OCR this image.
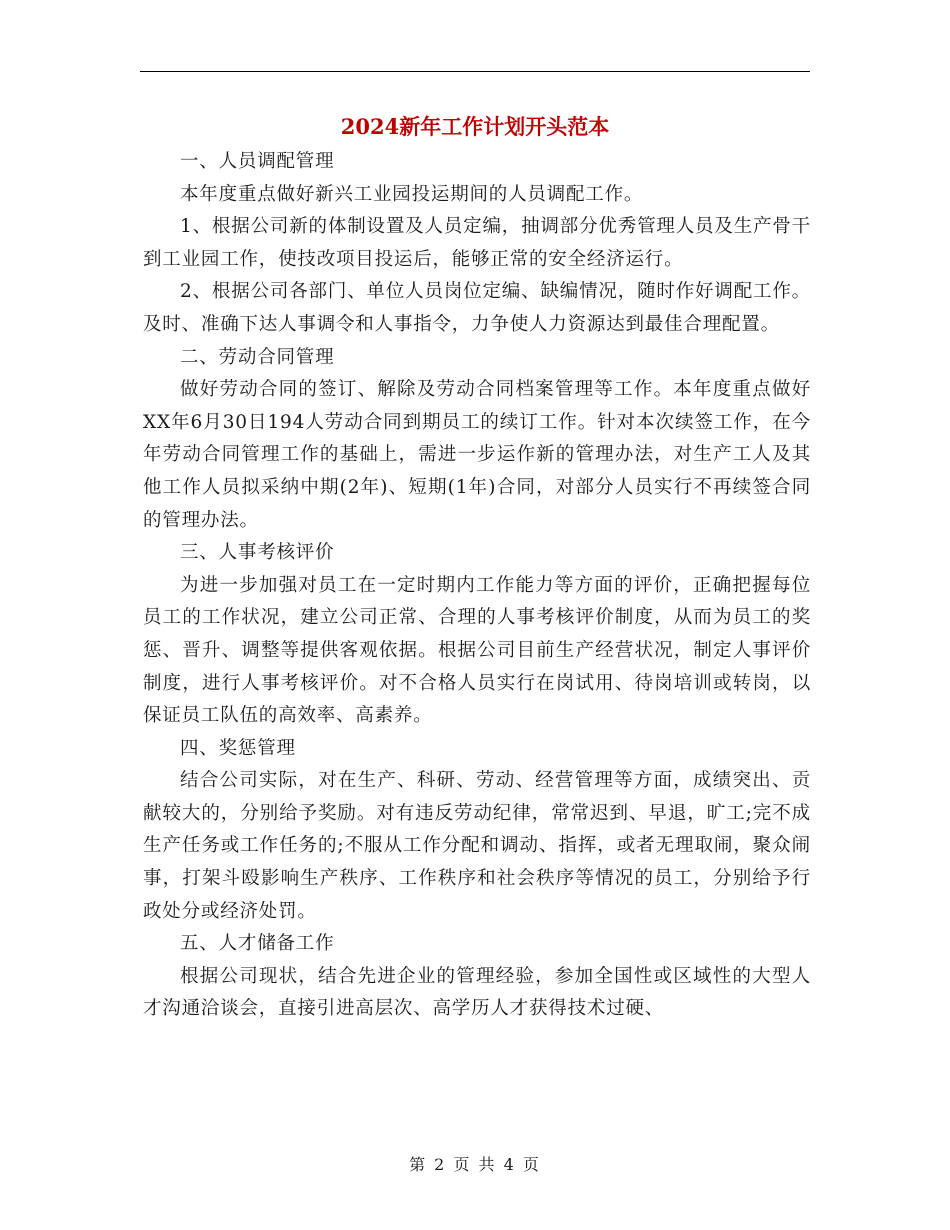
2024新年工作计划开头范本

一、人员调配管理

本年度重点做好新兴工业园投运期间的人员调配工作。

1、根据公司新的体制设置及人员定编，抽调部分优秀管理人员及生产骨干到工业园工作，使技改项目投运后，能够正常的安全经济运行。

2、根据公司各部门、单位人员岗位定编、缺编情况，随时作好调配工作。及时、准确下达人事调令和人事指令，力争使人力资源达到最佳合理配置。

二、劳动合同管理

做好劳动合同的签订、解除及劳动合同档案管理等工作。本年度重点做好XX年6月30日194人劳动合同到期员工的续订工作。针对本次续签工作，在今年劳动合同管理工作的基础上，需进一步运作新的管理办法，对生产工人及其他工作人员拟采纳中期(2年)、短期(1年)合同，对部分人员实行不再续签合同的管理办法。

三、人事考核评价

为进一步加强对员工在一定时期内工作能力等方面的评价，正确把握每位员工的工作状况，建立公司正常、合理的人事考核评价制度，从而为员工的奖惩、晋升、调整等提供客观依据。根据公司目前生产经营状况，制定人事评价制度，进行人事考核评价。对不合格人员实行在岗试用、待岗培训或转岗，以保证员工队伍的高效率、高素养。

四、奖惩管理

结合公司实际，对在生产、科研、劳动、经营管理等方面，成绩突出、贡献较大的，分别给予奖励。对有违反劳动纪律，常常迟到、早退，旷工;完不成生产任务或工作任务的;不服从工作分配和调动、指挥，或者无理取闹，聚众闹事，打架斗殴影响生产秩序、工作秩序和社会秩序等情况的员工，分别给予行政处分或经济处罚。

五、人才储备工作

根据公司现状，结合先进企业的管理经验，参加全国性或区域性的大型人才沟通洽谈会，直接引进高层次、高学历人才获得技术过硬、

第 2 页 共 4 页
